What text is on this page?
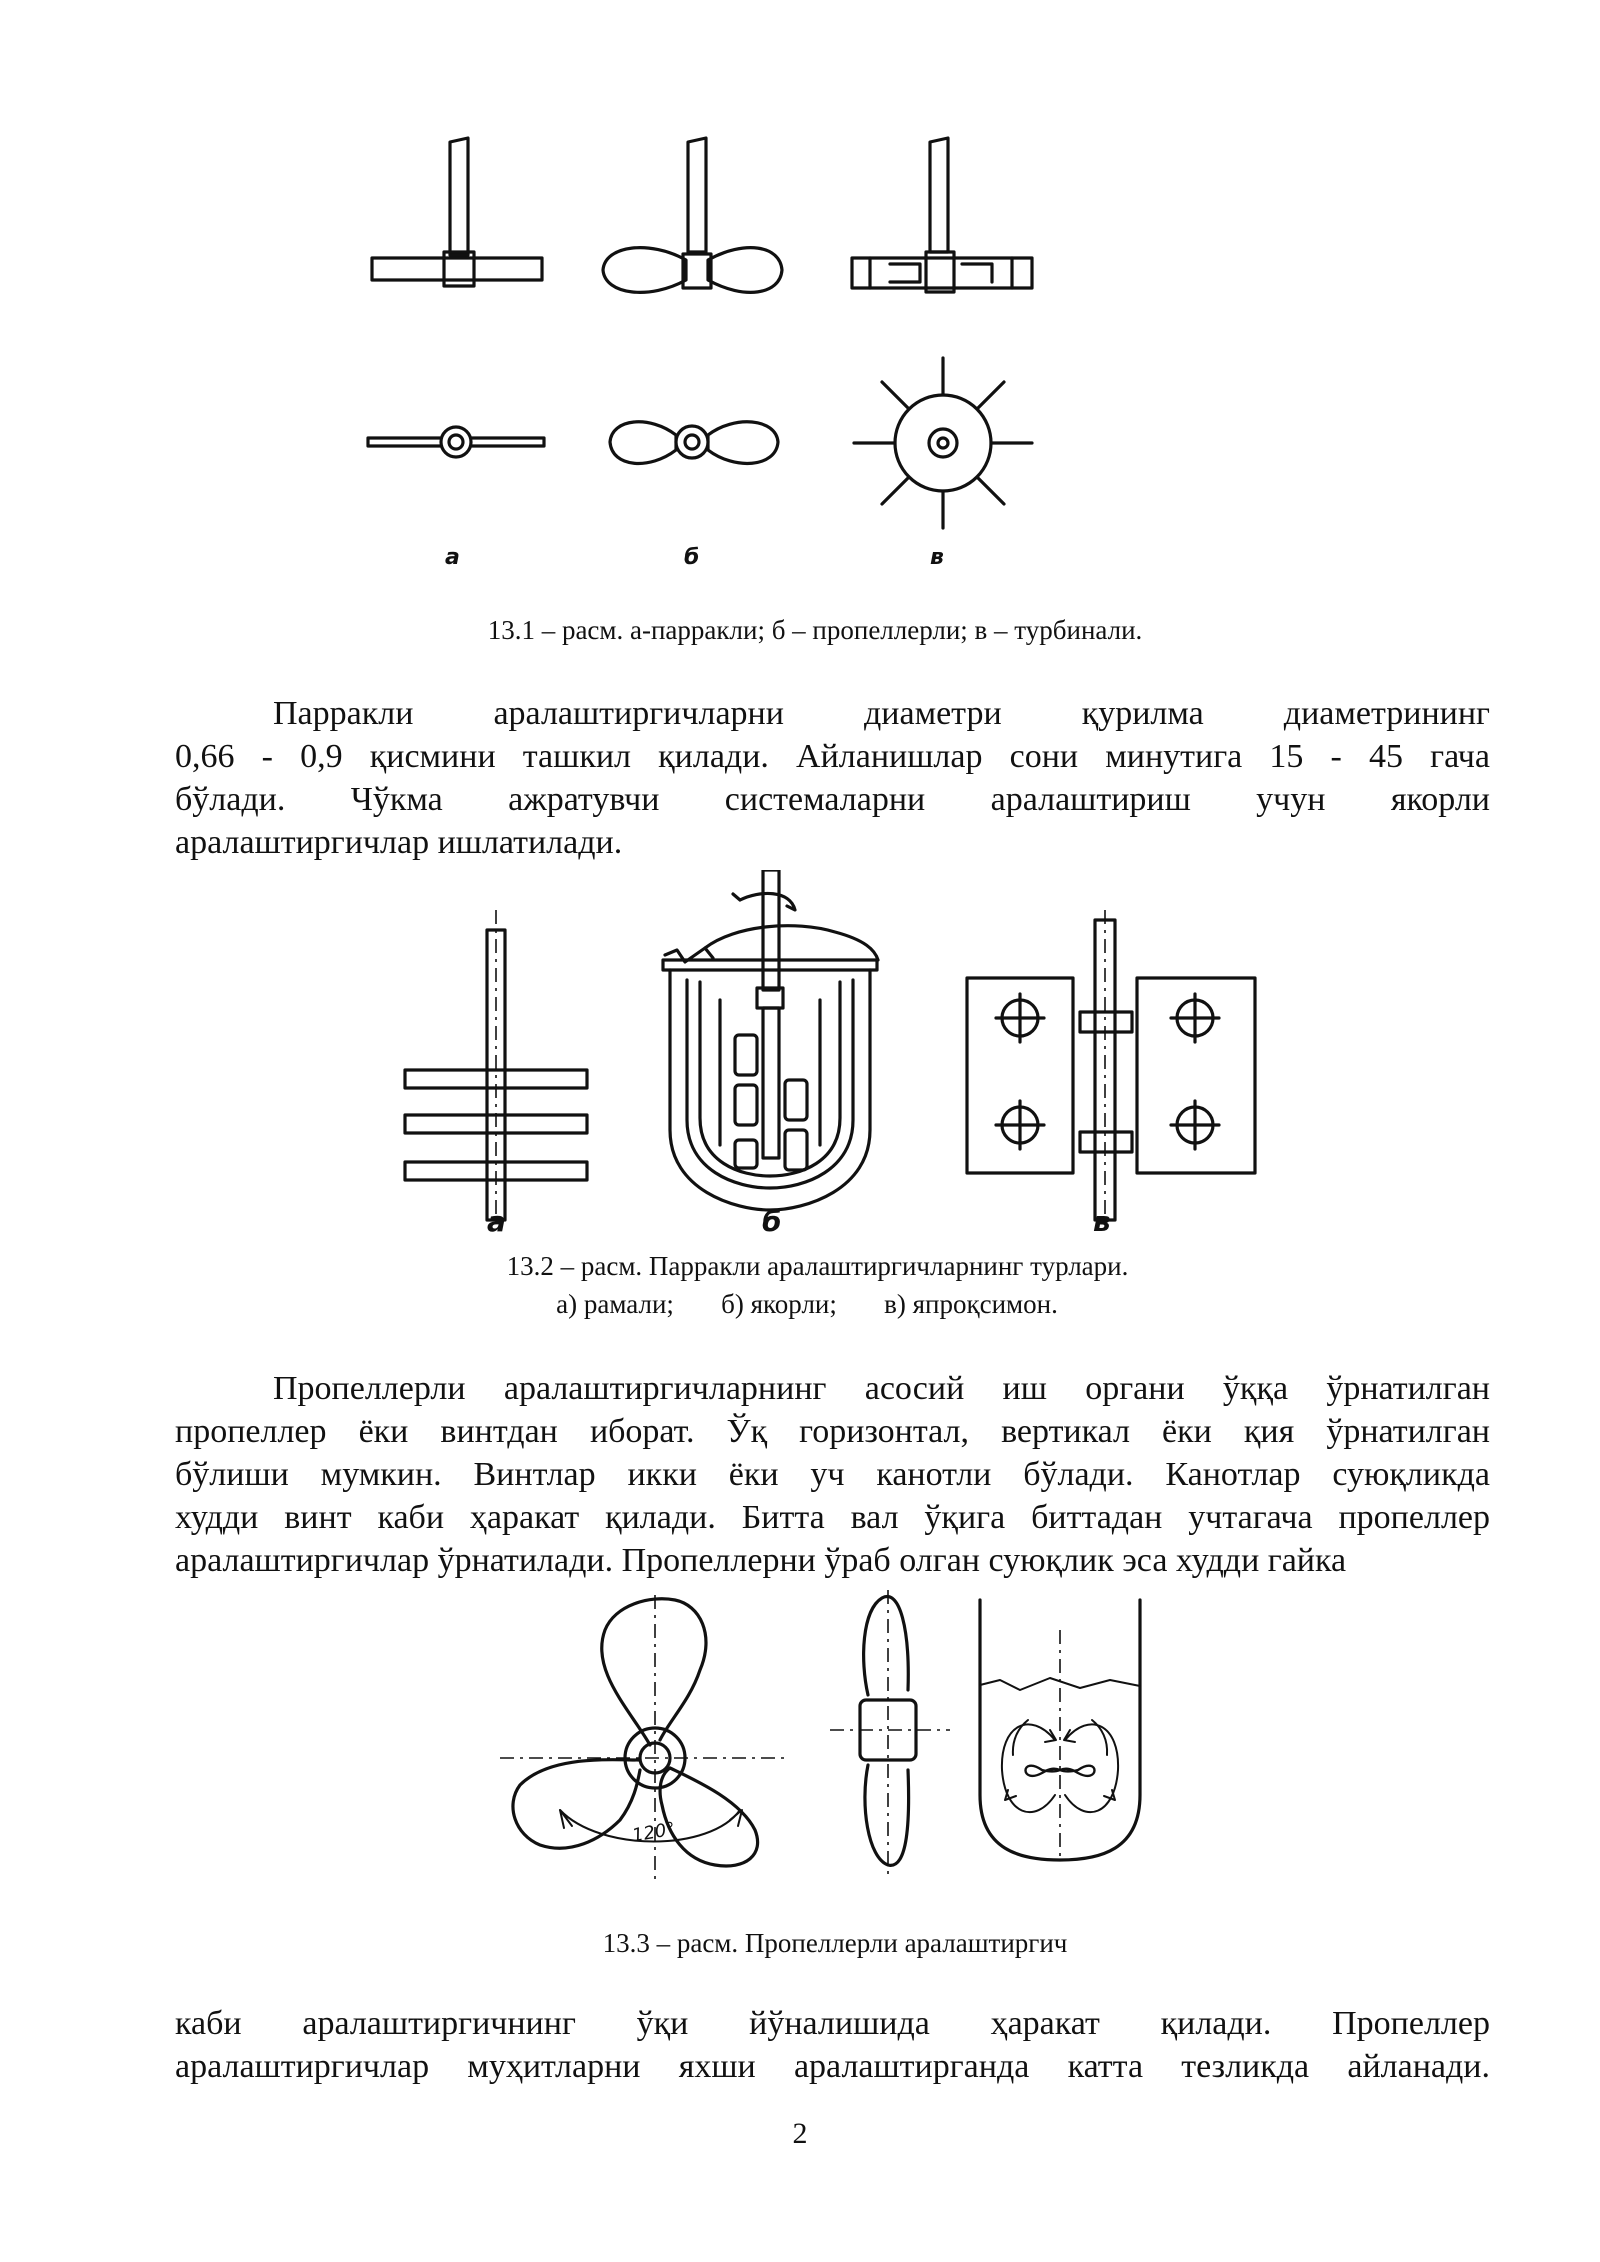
а	б	в
13.1 – расм. а-парракли; б – пропеллерли; в – турбинали.
Парракли аралаштиргичларни диаметри қурилма диаметрининг
0,66 - 0,9 қисмини ташкил қилади. Айланишлар сони минутига 15 - 45 гача
бўлади. Чўкма ажратувчи системаларни аралаштириш учун якорли
аралаштиргичлар ишлатилади.
а	б	в
13.2 – расм. Парракли аралаштиргичларнинг турлари.
а) рамали;       б) якорли;       в) япроқсимон.
Пропеллерли аралаштиргичларнинг асосий иш органи ўққа ўрнатилган
пропеллер ёки винтдан иборат. Ўқ горизонтал, вертикал ёки қия ўрнатилган
бўлиши мумкин. Винтлар икки ёки уч канотли бўлади. Канотлар суюқликда
худди винт каби ҳаракат қилади. Битта вал ўқига биттадан учтагача пропеллер
аралаштиргичлар ўрнатилади. Пропеллерни ўраб олган суюқлик эса худди гайка
120°
13.3 – расм. Пропеллерли аралаштиргич
каби аралаштиргичнинг ўқи йўналишида ҳаракат қилади. Пропеллер
аралаштиргичлар муҳитларни яхши аралаштирганда катта тезликда айланади.
2
